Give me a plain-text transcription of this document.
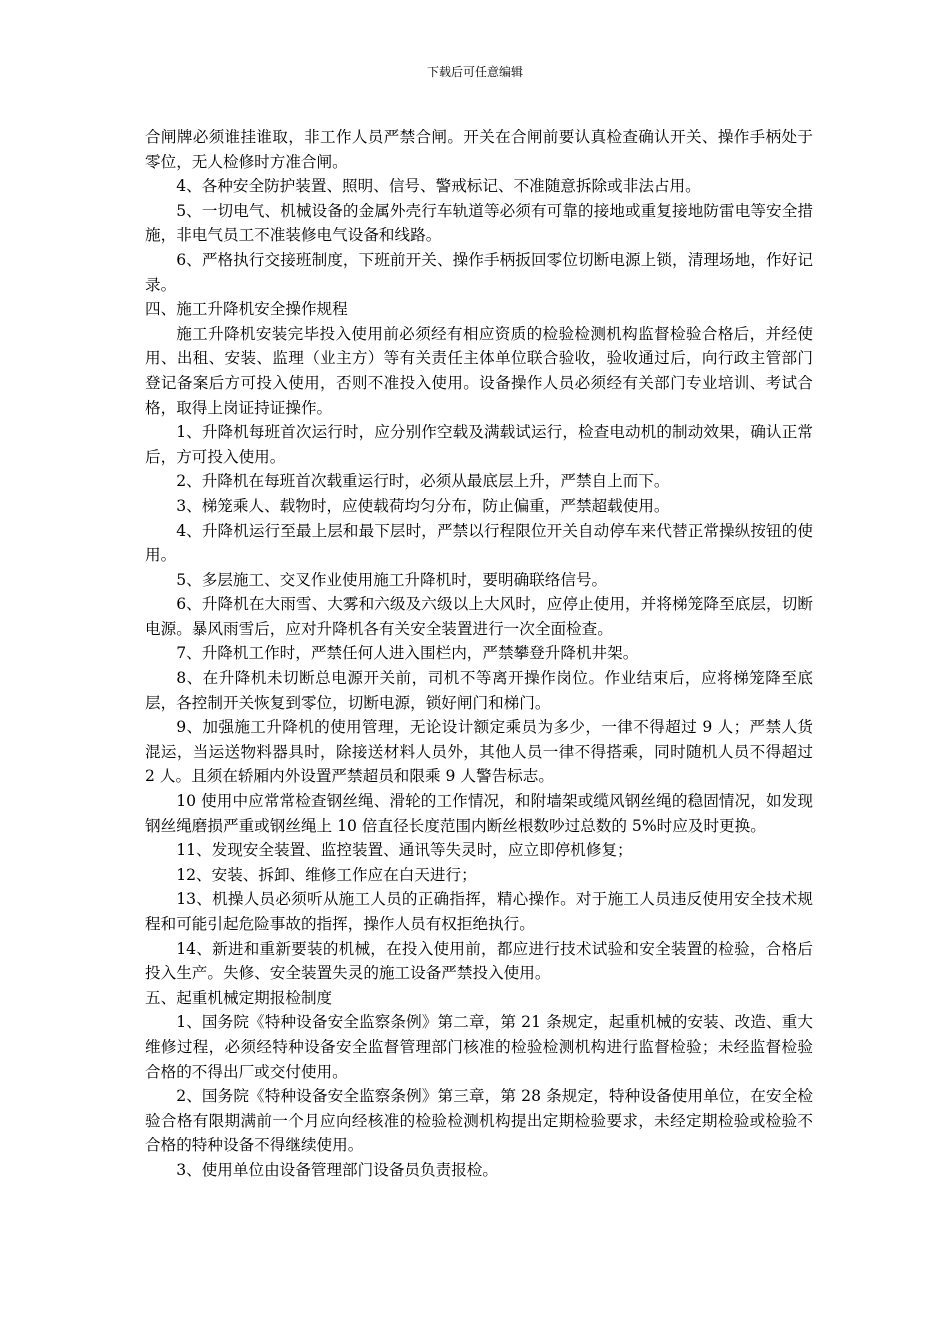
下载后可任意编辑

合闸牌必须谁挂谁取，非工作人员严禁合闸。开关在合闸前要认真检查确认开关、操作手柄处于零位，无人检修时方准合闸。

4、各种安全防护装置、照明、信号、警戒标记、不准随意拆除或非法占用。

5、一切电气、机械设备的金属外壳行车轨道等必须有可靠的接地或重复接地防雷电等安全措施，非电气员工不准装修电气设备和线路。

6、严格执行交接班制度，下班前开关、操作手柄扳回零位切断电源上锁，清理场地，作好记录。

四、施工升降机安全操作规程

施工升降机安装完毕投入使用前必须经有相应资质的检验检测机构监督检验合格后，并经使用、出租、安装、监理（业主方）等有关责任主体单位联合验收，验收通过后，向行政主管部门登记备案后方可投入使用，否则不准投入使用。设备操作人员必须经有关部门专业培训、考试合格，取得上岗证持证操作。

1、升降机每班首次运行时，应分别作空载及满载试运行，检查电动机的制动效果，确认正常后，方可投入使用。

2、升降机在每班首次载重运行时，必须从最底层上升，严禁自上而下。

3、梯笼乘人、载物时，应使载荷均匀分布，防止偏重，严禁超载使用。

4、升降机运行至最上层和最下层时，严禁以行程限位开关自动停车来代替正常操纵按钮的使用。

5、多层施工、交叉作业使用施工升降机时，要明确联络信号。

6、升降机在大雨雪、大雾和六级及六级以上大风时，应停止使用，并将梯笼降至底层，切断电源。暴风雨雪后，应对升降机各有关安全装置进行一次全面检查。

7、升降机工作时，严禁任何人进入围栏内，严禁攀登升降机井架。

8、在升降机未切断总电源开关前，司机不等离开操作岗位。作业结束后，应将梯笼降至底层，各控制开关恢复到零位，切断电源，锁好闸门和梯门。

9、加强施工升降机的使用管理，无论设计额定乘员为多少，一律不得超过 9 人；严禁人货混运，当运送物料器具时，除接送材料人员外，其他人员一律不得搭乘，同时随机人员不得超过 2 人。且须在轿厢内外设置严禁超员和限乘 9 人警告标志。

10 使用中应常常检查钢丝绳、滑轮的工作情况，和附墙架或缆风钢丝绳的稳固情况，如发现钢丝绳磨损严重或钢丝绳上 10 倍直径长度范围内断丝根数吵过总数的 5%时应及时更换。

11、发现安全装置、监控装置、通讯等失灵时，应立即停机修复；

12、安装、拆卸、维修工作应在白天进行；

13、机操人员必须听从施工人员的正确指挥，精心操作。对于施工人员违反使用安全技术规程和可能引起危险事故的指挥，操作人员有权拒绝执行。

14、新进和重新要装的机械，在投入使用前，都应进行技术试验和安全装置的检验，合格后投入生产。失修、安全装置失灵的施工设备严禁投入使用。

五、起重机械定期报检制度

1、国务院《特种设备安全监察条例》第二章，第 21 条规定，起重机械的安装、改造、重大维修过程，必须经特种设备安全监督管理部门核准的检验检测机构进行监督检验；未经监督检验合格的不得出厂或交付使用。

2、国务院《特种设备安全监察条例》第三章，第 28 条规定，特种设备使用单位，在安全检验合格有限期满前一个月应向经核准的检验检测机构提出定期检验要求，未经定期检验或检验不合格的特种设备不得继续使用。

3、使用单位由设备管理部门设备员负责报检。
